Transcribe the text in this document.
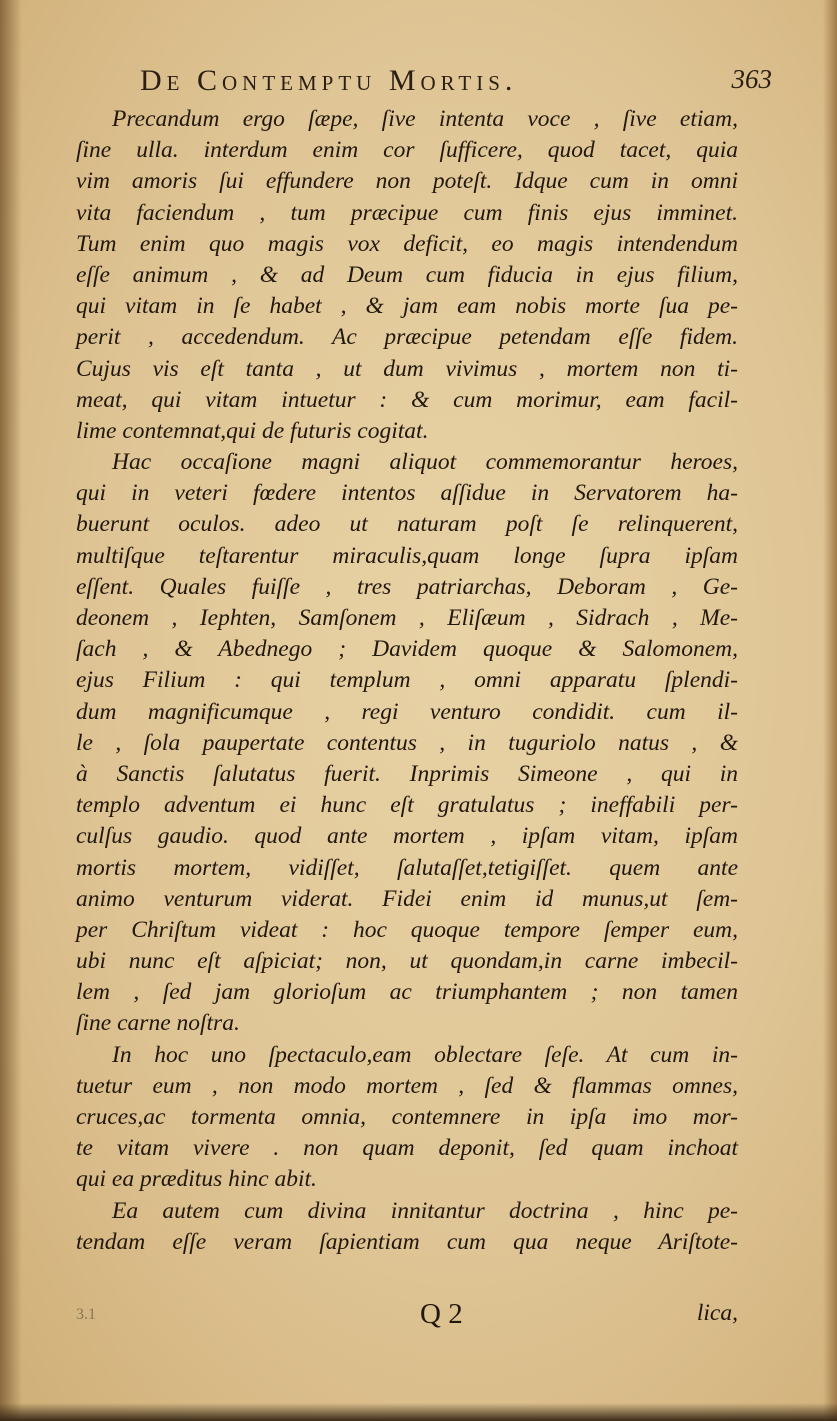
De Contemptu Mortis.	363
Precandum ergo ſæpe, ſive intenta voce , ſive etiam,
ſine ulla. interdum enim cor ſufficere, quod tacet, quia
vim amoris ſui effundere non poteſt. Idque cum in omni
vita faciendum , tum præcipue cum finis ejus imminet.
Tum enim quo magis vox deficit, eo magis intendendum
eſſe animum , & ad Deum cum fiducia in ejus filium,
qui vitam in ſe habet , & jam eam nobis morte ſua pe-
perit , accedendum. Ac præcipue petendam eſſe fidem.
Cujus vis eſt tanta , ut dum vivimus , mortem non ti-
meat, qui vitam intuetur : & cum morimur, eam facil-
lime contemnat,qui de futuris cogitat.
Hac occaſione magni aliquot commemorantur heroes,
qui in veteri fœdere intentos aſſidue in Servatorem ha-
buerunt oculos. adeo ut naturam poſt ſe relinquerent,
multiſque teſtarentur miraculis,quam longe ſupra ipſam
eſſent. Quales fuiſſe , tres patriarchas, Deboram , Ge-
deonem , Iephten, Samſonem , Eliſæum , Sidrach , Me-
ſach , & Abednego ; Davidem quoque & Salomonem,
ejus Filium : qui templum , omni apparatu ſplendi-
dum magnificumque , regi venturo condidit. cum il-
le , ſola paupertate contentus , in tuguriolo natus , &
à Sanctis ſalutatus fuerit. Inprimis Simeone , qui in
templo adventum ei hunc eſt gratulatus ; ineffabili per-
culſus gaudio. quod ante mortem , ipſam vitam, ipſam
mortis mortem, vidiſſet, ſalutaſſet,tetigiſſet. quem ante
animo venturum viderat. Fidei enim id munus,ut ſem-
per Chriſtum videat : hoc quoque tempore ſemper eum,
ubi nunc eſt aſpiciat; non, ut quondam,in carne imbecil-
lem , ſed jam glorioſum ac triumphantem ; non tamen
ſine carne noſtra.
In hoc uno ſpectaculo,eam oblectare ſeſe. At cum in-
tuetur eum , non modo mortem , ſed & flammas omnes,
cruces,ac tormenta omnia, contemnere in ipſa imo mor-
te vitam vivere . non quam deponit, ſed quam inchoat
qui ea præditus hinc abit.
Ea autem cum divina innitantur doctrina , hinc pe-
tendam eſſe veram ſapientiam cum qua neque Ariſtote-
3.1	Q 2	lica,
